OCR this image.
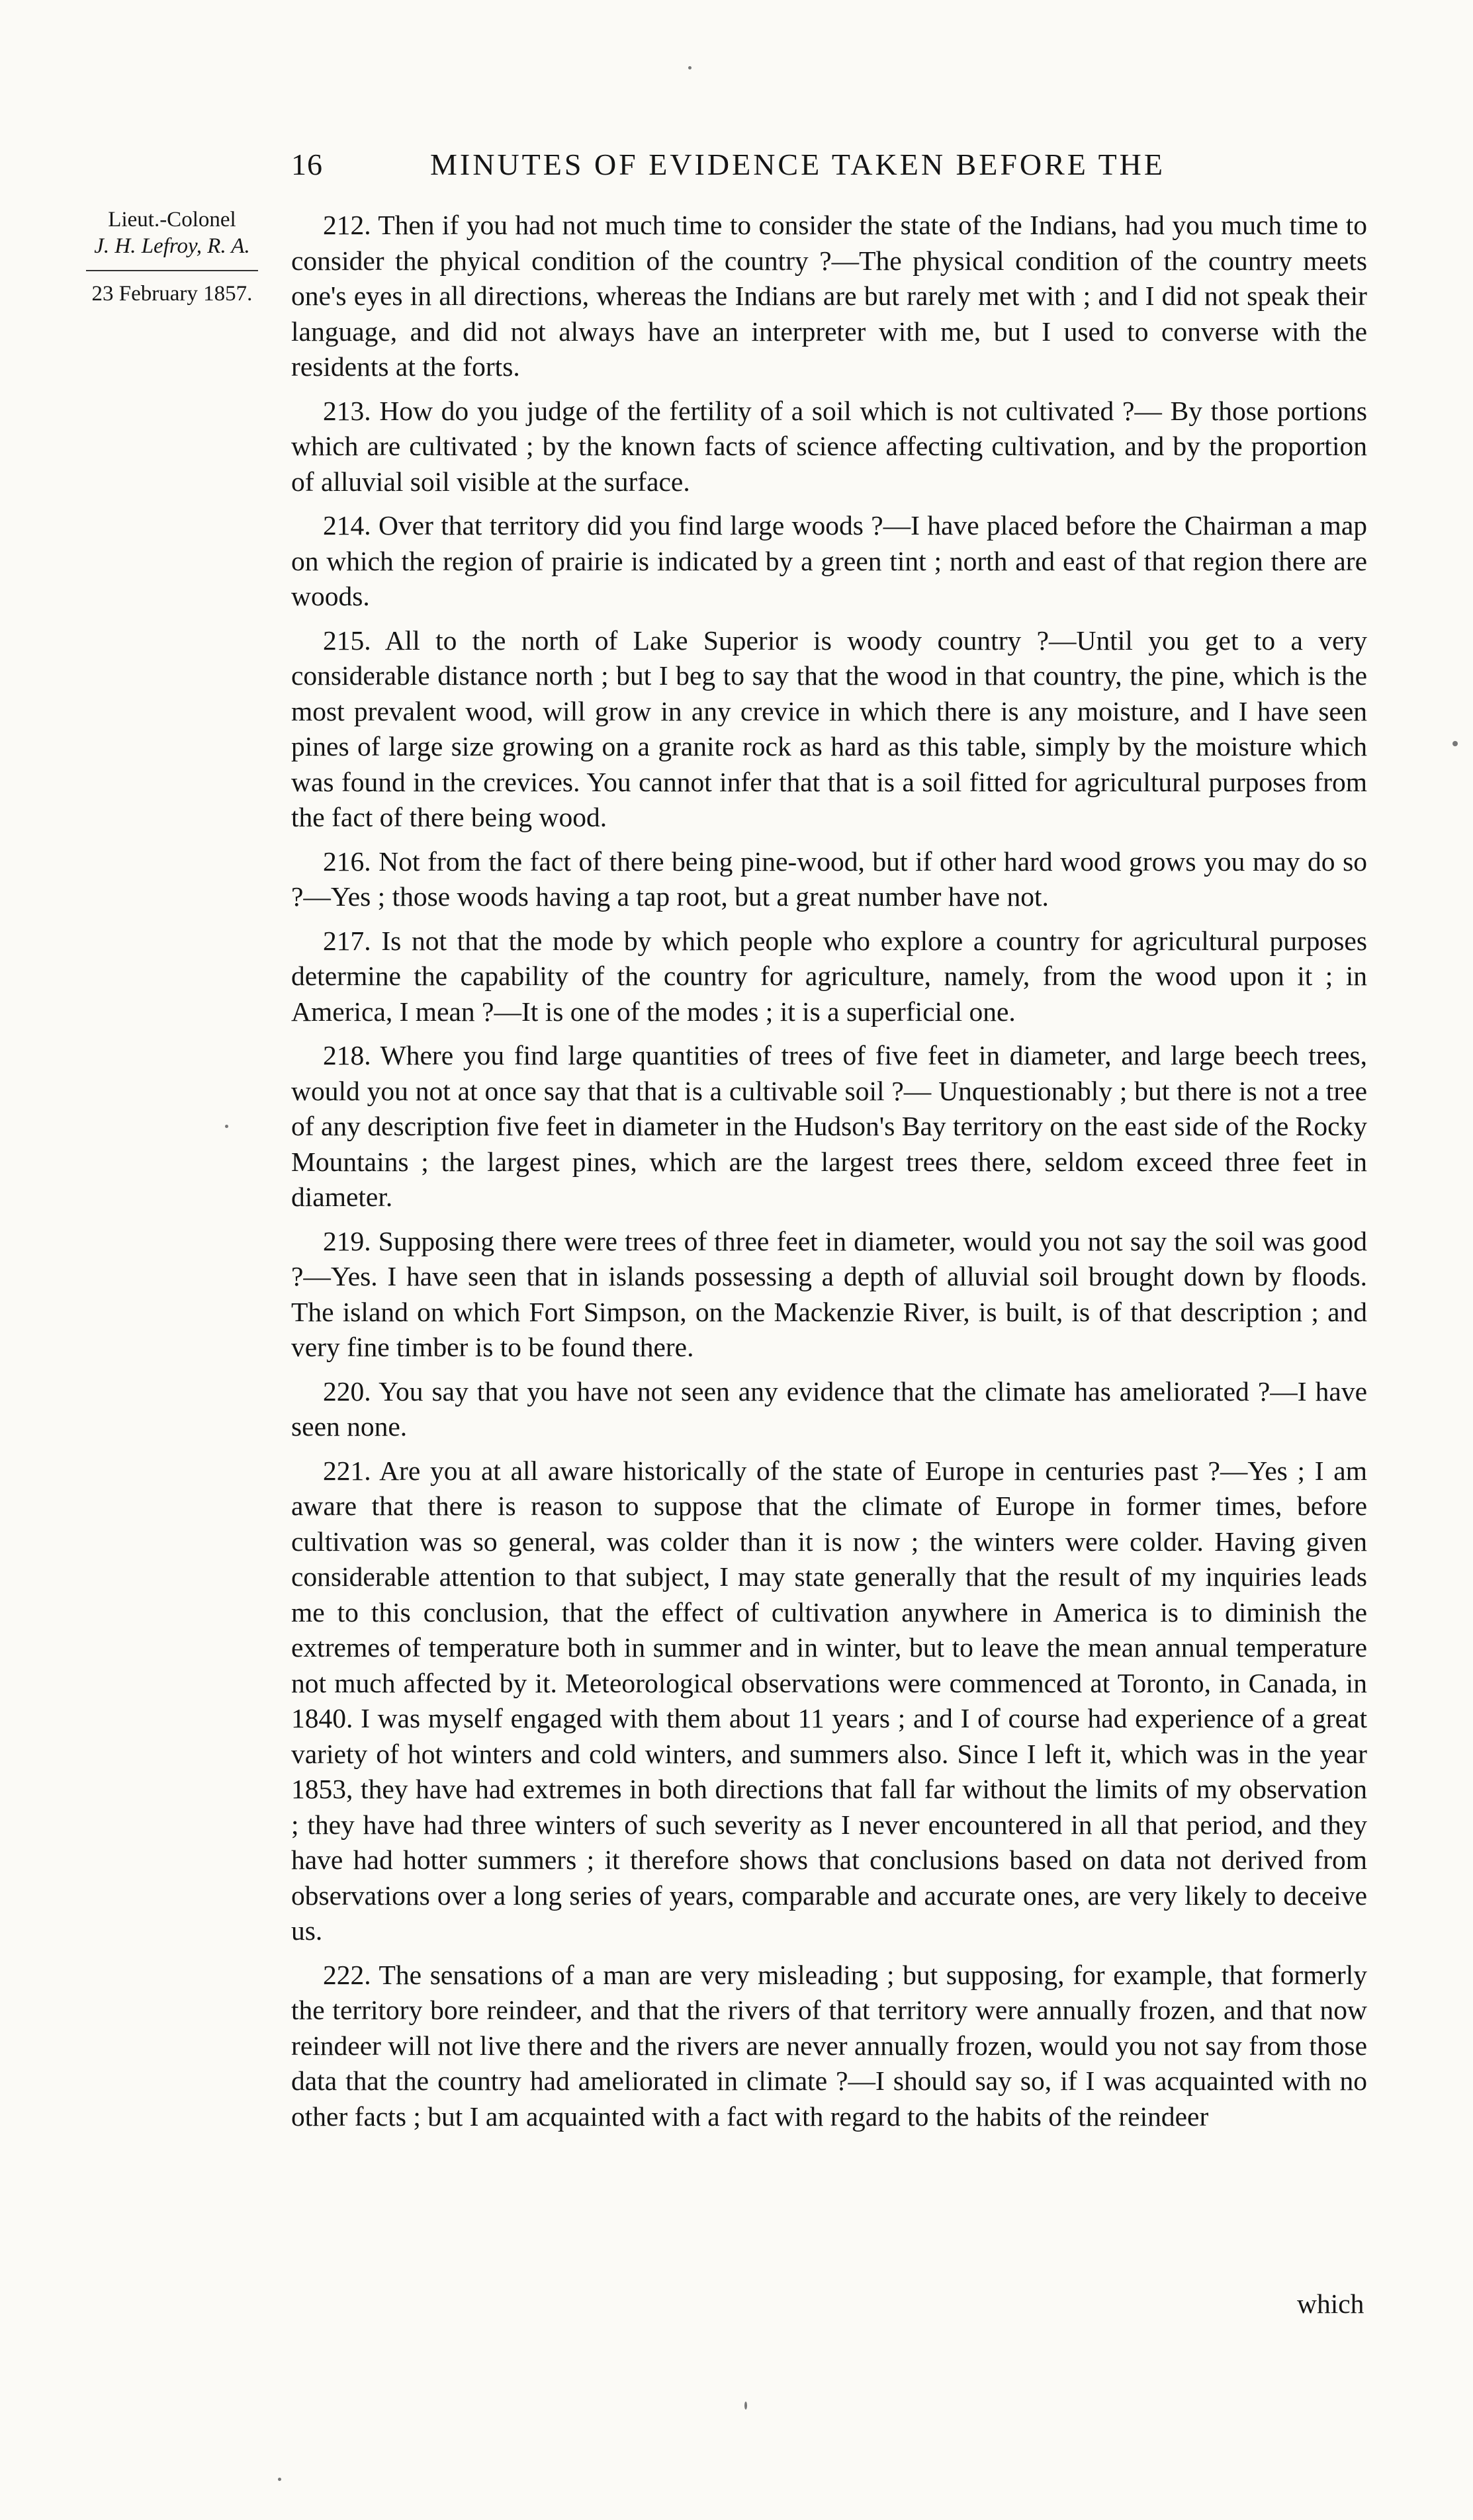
16	MINUTES OF EVIDENCE TAKEN BEFORE THE
Lieut.-Colonel
J. H. Lefroy, R. A.
23 February 1857.

212. Then if you had not much time to consider the state of the Indians, had you much time to consider the phyical condition of the country ?—The physical condition of the country meets one's eyes in all directions, whereas the Indians are but rarely met with ; and I did not speak their language, and did not always have an interpreter with me, but I used to converse with the residents at the forts.

213. How do you judge of the fertility of a soil which is not cultivated ?— By those portions which are cultivated ; by the known facts of science affecting cultivation, and by the proportion of alluvial soil visible at the surface.

214. Over that territory did you find large woods ?—I have placed before the Chairman a map on which the region of prairie is indicated by a green tint ; north and east of that region there are woods.

215. All to the north of Lake Superior is woody country ?—Until you get to a very considerable distance north ; but I beg to say that the wood in that country, the pine, which is the most prevalent wood, will grow in any crevice in which there is any moisture, and I have seen pines of large size growing on a granite rock as hard as this table, simply by the moisture which was found in the crevices. You cannot infer that that is a soil fitted for agricultural purposes from the fact of there being wood.

216. Not from the fact of there being pine-wood, but if other hard wood grows you may do so ?—Yes ; those woods having a tap root, but a great number have not.

217. Is not that the mode by which people who explore a country for agricultural purposes determine the capability of the country for agriculture, namely, from the wood upon it ; in America, I mean ?—It is one of the modes ; it is a superficial one.

218. Where you find large quantities of trees of five feet in diameter, and large beech trees, would you not at once say that that is a cultivable soil ?— Unquestionably ; but there is not a tree of any description five feet in diameter in the Hudson's Bay territory on the east side of the Rocky Mountains ; the largest pines, which are the largest trees there, seldom exceed three feet in diameter.

219. Supposing there were trees of three feet in diameter, would you not say the soil was good ?—Yes. I have seen that in islands possessing a depth of alluvial soil brought down by floods. The island on which Fort Simpson, on the Mackenzie River, is built, is of that description ; and very fine timber is to be found there.

220. You say that you have not seen any evidence that the climate has ameliorated ?—I have seen none.

221. Are you at all aware historically of the state of Europe in centuries past ?—Yes ; I am aware that there is reason to suppose that the climate of Europe in former times, before cultivation was so general, was colder than it is now ; the winters were colder. Having given considerable attention to that subject, I may state generally that the result of my inquiries leads me to this conclusion, that the effect of cultivation anywhere in America is to diminish the extremes of temperature both in summer and in winter, but to leave the mean annual temperature not much affected by it. Meteorological observations were commenced at Toronto, in Canada, in 1840. I was myself engaged with them about 11 years ; and I of course had experience of a great variety of hot winters and cold winters, and summers also. Since I left it, which was in the year 1853, they have had extremes in both directions that fall far without the limits of my observation ; they have had three winters of such severity as I never encountered in all that period, and they have had hotter summers ; it therefore shows that conclusions based on data not derived from observations over a long series of years, comparable and accurate ones, are very likely to deceive us.

222. The sensations of a man are very misleading ; but supposing, for example, that formerly the territory bore reindeer, and that the rivers of that territory were annually frozen, and that now reindeer will not live there and the rivers are never annually frozen, would you not say from those data that the country had ameliorated in climate ?—I should say so, if I was acquainted with no other facts ; but I am acquainted with a fact with regard to the habits of the reindeer

which
